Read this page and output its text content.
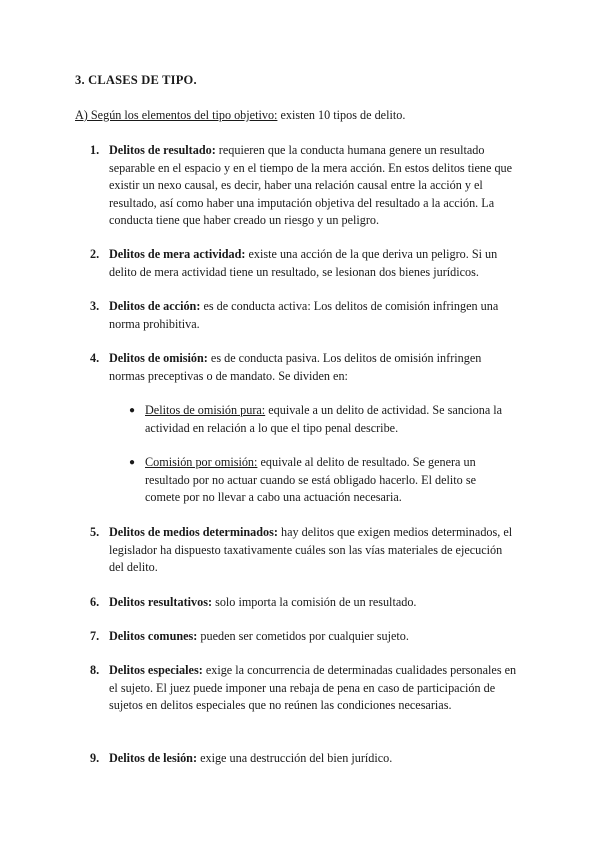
3. CLASES DE TIPO.
A) Según los elementos del tipo objetivo: existen 10 tipos de delito.
1. Delitos de resultado: requieren que la conducta humana genere un resultado separable en el espacio y en el tiempo de la mera acción. En estos delitos tiene que existir un nexo causal, es decir, haber una relación causal entre la acción y el resultado, así como haber una imputación objetiva del resultado a la acción. La conducta tiene que haber creado un riesgo y un peligro.
2. Delitos de mera actividad: existe una acción de la que deriva un peligro. Si un delito de mera actividad tiene un resultado, se lesionan dos bienes jurídicos.
3. Delitos de acción: es de conducta activa: Los delitos de comisión infringen una norma prohibitiva.
4. Delitos de omisión: es de conducta pasiva. Los delitos de omisión infringen normas preceptivas o de mandato. Se dividen en:
● Delitos de omisión pura: equivale a un delito de actividad. Se sanciona la actividad en relación a lo que el tipo penal describe.
● Comisión por omisión: equivale al delito de resultado. Se genera un resultado por no actuar cuando se está obligado hacerlo. El delito se comete por no llevar a cabo una actuación necesaria.
5. Delitos de medios determinados: hay delitos que exigen medios determinados, el legislador ha dispuesto taxativamente cuáles son las vías materiales de ejecución del delito.
6. Delitos resultativos: solo importa la comisión de un resultado.
7. Delitos comunes: pueden ser cometidos por cualquier sujeto.
8. Delitos especiales: exige la concurrencia de determinadas cualidades personales en el sujeto. El juez puede imponer una rebaja de pena en caso de participación de sujetos en delitos especiales que no reúnen las condiciones necesarias.
9. Delitos de lesión: exige una destrucción del bien jurídico.
